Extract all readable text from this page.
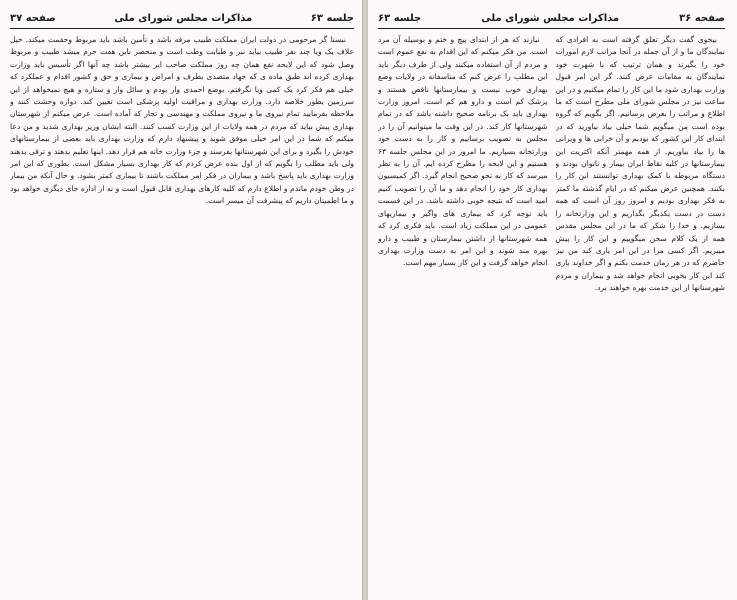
جلسه ۶۳
مذاکرات مجلس شورای ملی
صفحه ۳۷

نبستا گر مرحومی در دولت ایران مملکت طبیب مرفه باشد و تأمین باشد باید مربوط وحقمت میکند. خیل علاف یک ویا چند نفر طبیب بیاید نبر و طبابت وطب است و منحصر باین هفت حرم میشد طبیب و مربوط وصل شود که این لایحه نفع همان چه روز مملکت صاحب ایر بیشتر باشد چه آنها اگر تأسیس باید وزارت بهداری کرده اند طبق ماده ی که جهاد متصدی بطرف و امراض و بیماری و حق و کشور اقدام و عملکرد که خیلی هم فکر کرد یک کمی ویا نگرفتم. بوضع احمدی وار بودم و سائل وار و ستاره و هیچ نمیخواهد از این سرزمین بطور خلاصه دارد. وزارت بهداری و مراقبت اولیه پزشکی است تعیین کند. دوازه وحشت کنند و ملاحظه بفرمایید تمام نیروی ما و نیروی مملکت و مهندسی و تجار که آماده است. عرض میکنم از شهرستان بهداری پیش بیاید که مردم در همه ولایات از این وزارت کسب کنند. البته ایشان وزیر بهداری شدید و من دعا میکنم که شما در این امر خیلی موفق شوید و پیشنهاد دارم که وزارت بهداری باید بعضی از بیمارستانهای خودش را بگیرد و برای این شهرستانها بفرستد و جزء وزارت خانه هم قرار دهد. اینها تعلیم بدهند و ترقی بدهند ولی باید مطلب را بگویم که از اول بنده عرض کردم که کار بهداری بسیار مشکل است. بطوری که این امر وزارت بهداری باید پاسخ باشد و بیماران در فکر امر مملکت باشند تا بیماری کمتر بشود. و حال آنکه من بیمار در وطن خودم ماندم و اطلاع دارم که کلیه کارهای بهداری قابل قبول است و نه از اداره جای دیگری خواهد بود و ما اطمینان داریم که پیشرفت آن میسر است.

صفحه ۳۶
مذاکرات مجلس شورای ملی
جلسه ۶۳

بیخوی گفت دیگر تعلق گرفته است به افرادی که نمایندگان ما و از آن جمله در آنجا مراتب لازم امورات خود را بگیرند و همان ترتیب که با شهرت خود نمایندگان به مقامات عرض کنند. گر این امر قبول وزارت بهداری شود ما این کار را تمام میکنیم و در این ساعت نیز در مجلس شورای ملی مطرح است که ما اطلاع و مراتب را بعرض برسانیم. اگر بگویم که گروه بوده است من میگویم شما خیلی بیاد بیاورید که در ابتدای کار این کشور که بودیم و آن خرابی ها و ویرانی ها را بیاد بیاوریم. از همه مهمتر آنکه اکثریت این بیمارستانها در کلیه نقاط ایران بیمار و ناتوان بودند و دستگاه مربوطه با کمک بهداری توانستند این کار را بکنند. همچنین عرض میکنم که در ایام گذشته ما کمتر به فکر بهداری بودیم و امروز روز آن است که همه دست در دست یکدیگر بگذاریم و این وزارتخانه را بسازیم. و خدا را شکر که ما در این مجلس مقدس همه از یک کلام سخن میگوییم و این کار را پیش میبریم. اگر کسی مرا در این امر یاری کند من نیز حاضرم که در هر زمان خدمت بکنم و اگر خداوند یاری کند این کار بخوبی انجام خواهد شد و بیماران و مردم شهرستانها از این خدمت بهره خواهند برد.

نیازند که هر از ابتدای پیچ و ختم و بوسیله آن مرد است. من فکر میکنم که این اقدام به نفع عموم است و مردم از آن استفاده میکنند ولی از طرف دیگر باید این مطلب را عرض کنم که متاسفانه در ولایات وضع بهداری خوب نیست و بیمارستانها ناقص هستند و پزشک کم است و دارو هم کم است. امروز وزارت بهداری باید یک برنامه صحیح داشته باشد که در تمام شهرستانها کار کند. در این وقت ما میتوانیم آن را در مجلس به تصویب برسانیم و کار را به دست خود وزارتخانه بسپاریم. ما امروز در این مجلس جلسه ۶۳ هستیم و این لایحه را مطرح کرده ایم. آن را به نظر میرسد که کار به نحو صحیح انجام گیرد. اگر کمیسیون بهداری کار خود را انجام دهد و ما آن را تصویب کنیم امید است که نتیجه خوبی داشته باشد. در این قسمت باید توجه کرد که بیماری های واگیر و بیماریهای عمومی در این مملکت زیاد است. باید فکری کرد که همه شهرستانها از داشتن بیمارستان و طبیب و دارو بهره مند شوند و این امر به دست وزارت بهداری انجام خواهد گرفت و این کار بسیار مهم است.
